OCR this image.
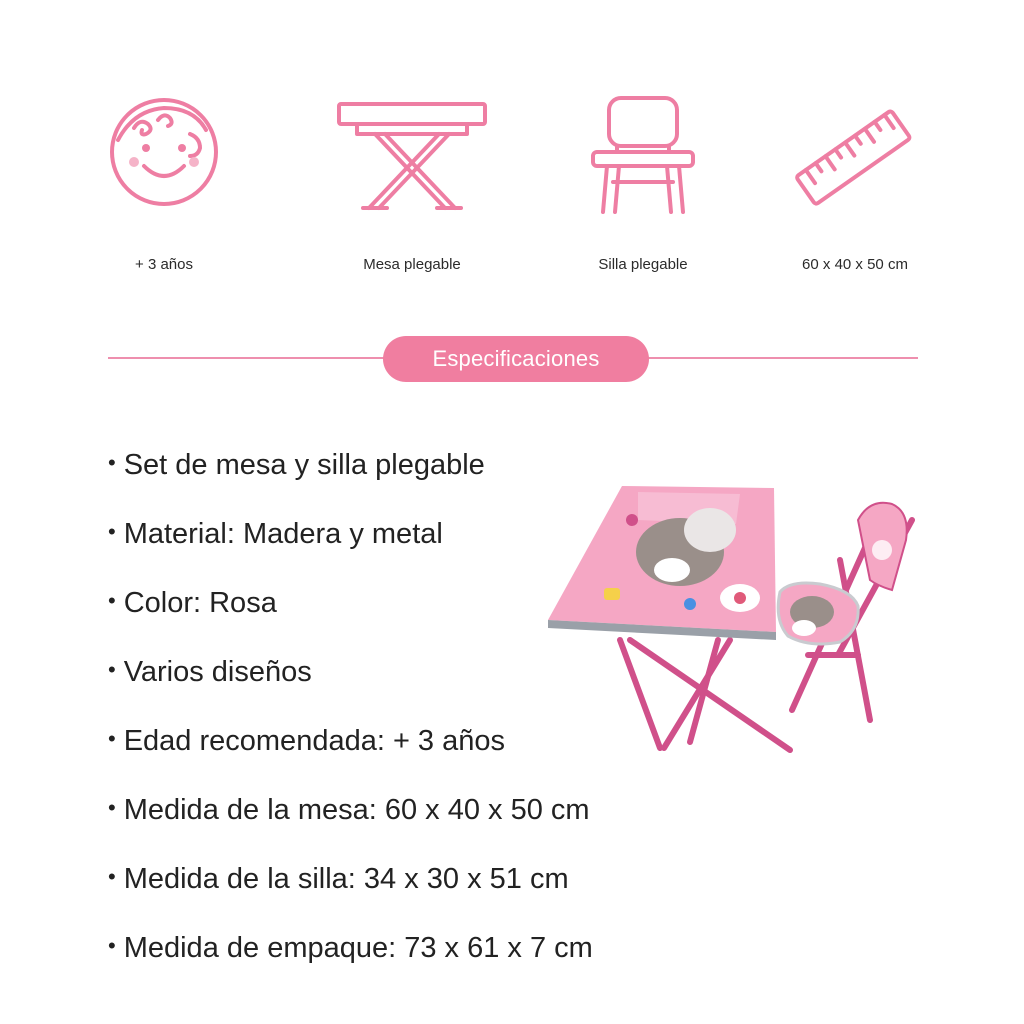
+ 3 años	Mesa plegable	Silla plegable	60 x 40 x 50 cm
Especificaciones
• Set de mesa y silla plegable
• Material: Madera y metal
• Color: Rosa
• Varios diseños
• Edad recomendada: + 3 años
• Medida de la mesa: 60 x 40 x 50 cm
• Medida de la silla: 34 x 30 x 51 cm
• Medida de empaque: 73 x 61 x 7 cm
